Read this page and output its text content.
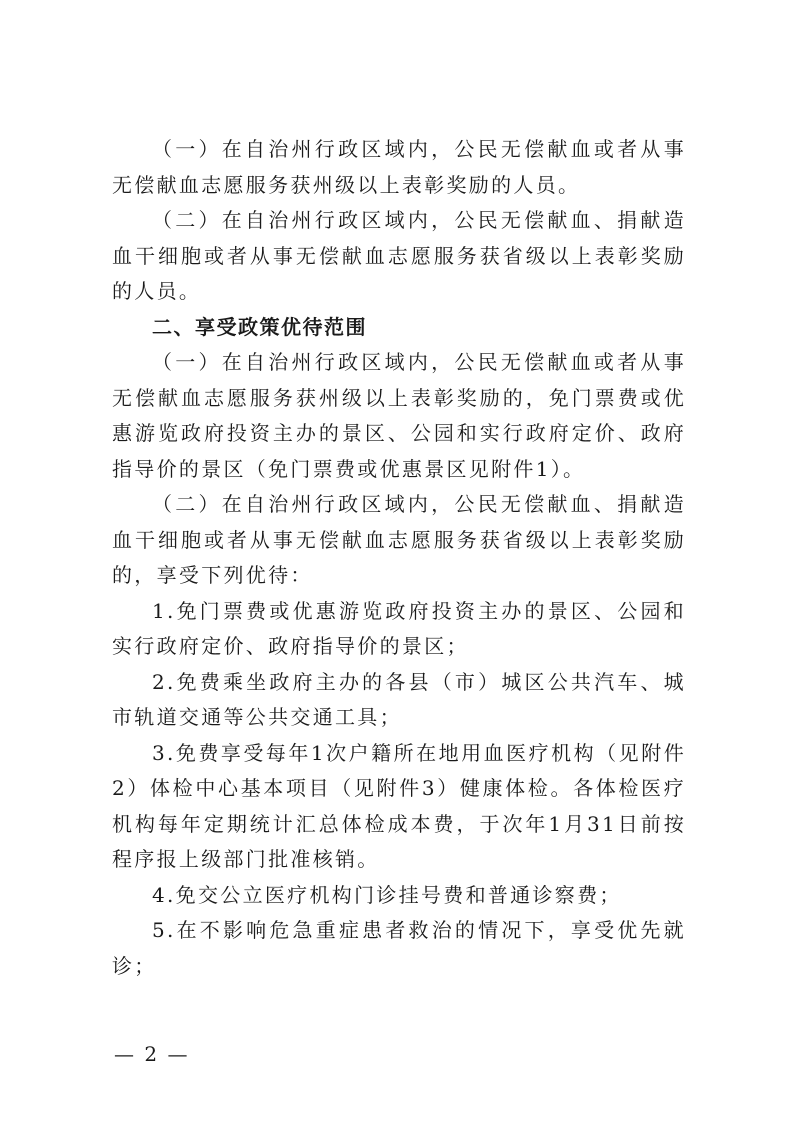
（一）在自治州行政区域内，公民无偿献血或者从事无偿献血志愿服务获州级以上表彰奖励的人员。

（二）在自治州行政区域内，公民无偿献血、捐献造血干细胞或者从事无偿献血志愿服务获省级以上表彰奖励的人员。

二、享受政策优待范围

（一）在自治州行政区域内，公民无偿献血或者从事无偿献血志愿服务获州级以上表彰奖励的，免门票费或优惠游览政府投资主办的景区、公园和实行政府定价、政府指导价的景区（免门票费或优惠景区见附件1）。

（二）在自治州行政区域内，公民无偿献血、捐献造血干细胞或者从事无偿献血志愿服务获省级以上表彰奖励的，享受下列优待：

1.免门票费或优惠游览政府投资主办的景区、公园和实行政府定价、政府指导价的景区；

2.免费乘坐政府主办的各县（市）城区公共汽车、城市轨道交通等公共交通工具；

3.免费享受每年1次户籍所在地用血医疗机构（见附件2）体检中心基本项目（见附件3）健康体检。各体检医疗机构每年定期统计汇总体检成本费，于次年1月31日前按程序报上级部门批准核销。

4.免交公立医疗机构门诊挂号费和普通诊察费；

5.在不影响危急重症患者救治的情况下，享受优先就诊；

— 2 —
